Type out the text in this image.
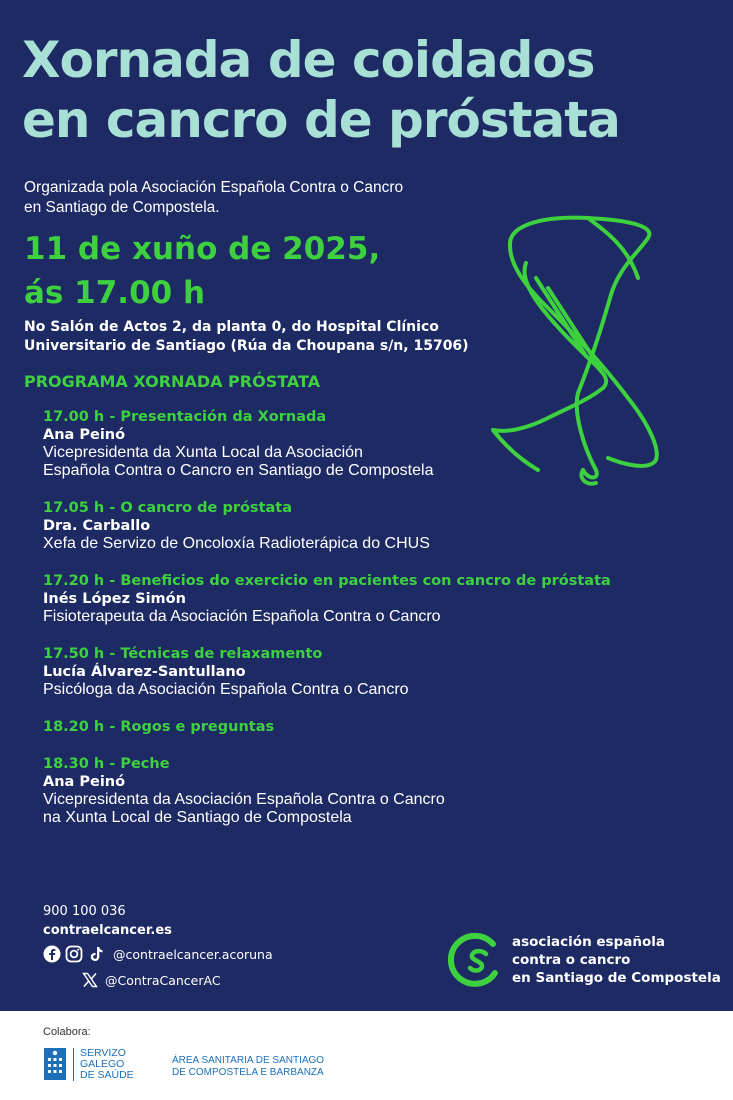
Xornada de coidados
en cancro de próstata
Organizada pola Asociación Española Contra o Cancro
en Santiago de Compostela.
11 de xuño de 2025,
ás 17.00 h
No Salón de Actos 2, da planta 0, do Hospital Clínico
Universitario de Santiago (Rúa da Choupana s/n, 15706)
PROGRAMA XORNADA PRÓSTATA
17.00 h - Presentación da Xornada
Ana Peinó
Vicepresidenta da Xunta Local da Asociación
Española Contra o Cancro en Santiago de Compostela
17.05 h - O cancro de próstata
Dra. Carballo
Xefa de Servizo de Oncoloxía Radioterápica do CHUS
17.20 h - Beneficios do exercicio en pacientes con cancro de próstata
Inés López Simón
Fisioterapeuta da Asociación Española Contra o Cancro
17.50 h - Técnicas de relaxamento
Lucía Álvarez-Santullano
Psicóloga da Asociación Española Contra o Cancro
18.20 h - Rogos e preguntas
18.30 h - Peche
Ana Peinó
Vicepresidenta da Asociación Española Contra o Cancro
na Xunta Local de Santiago de Compostela
900 100 036
contraelcancer.es
@contraelcancer.acoruna
@ContraCancerAC
asociación española
contra o cancro
en Santiago de Compostela
Colabora:
SERVIZO
GALEGO
DE SAÚDE
ÁREA SANITARIA DE SANTIAGO
DE COMPOSTELA E BARBANZA
